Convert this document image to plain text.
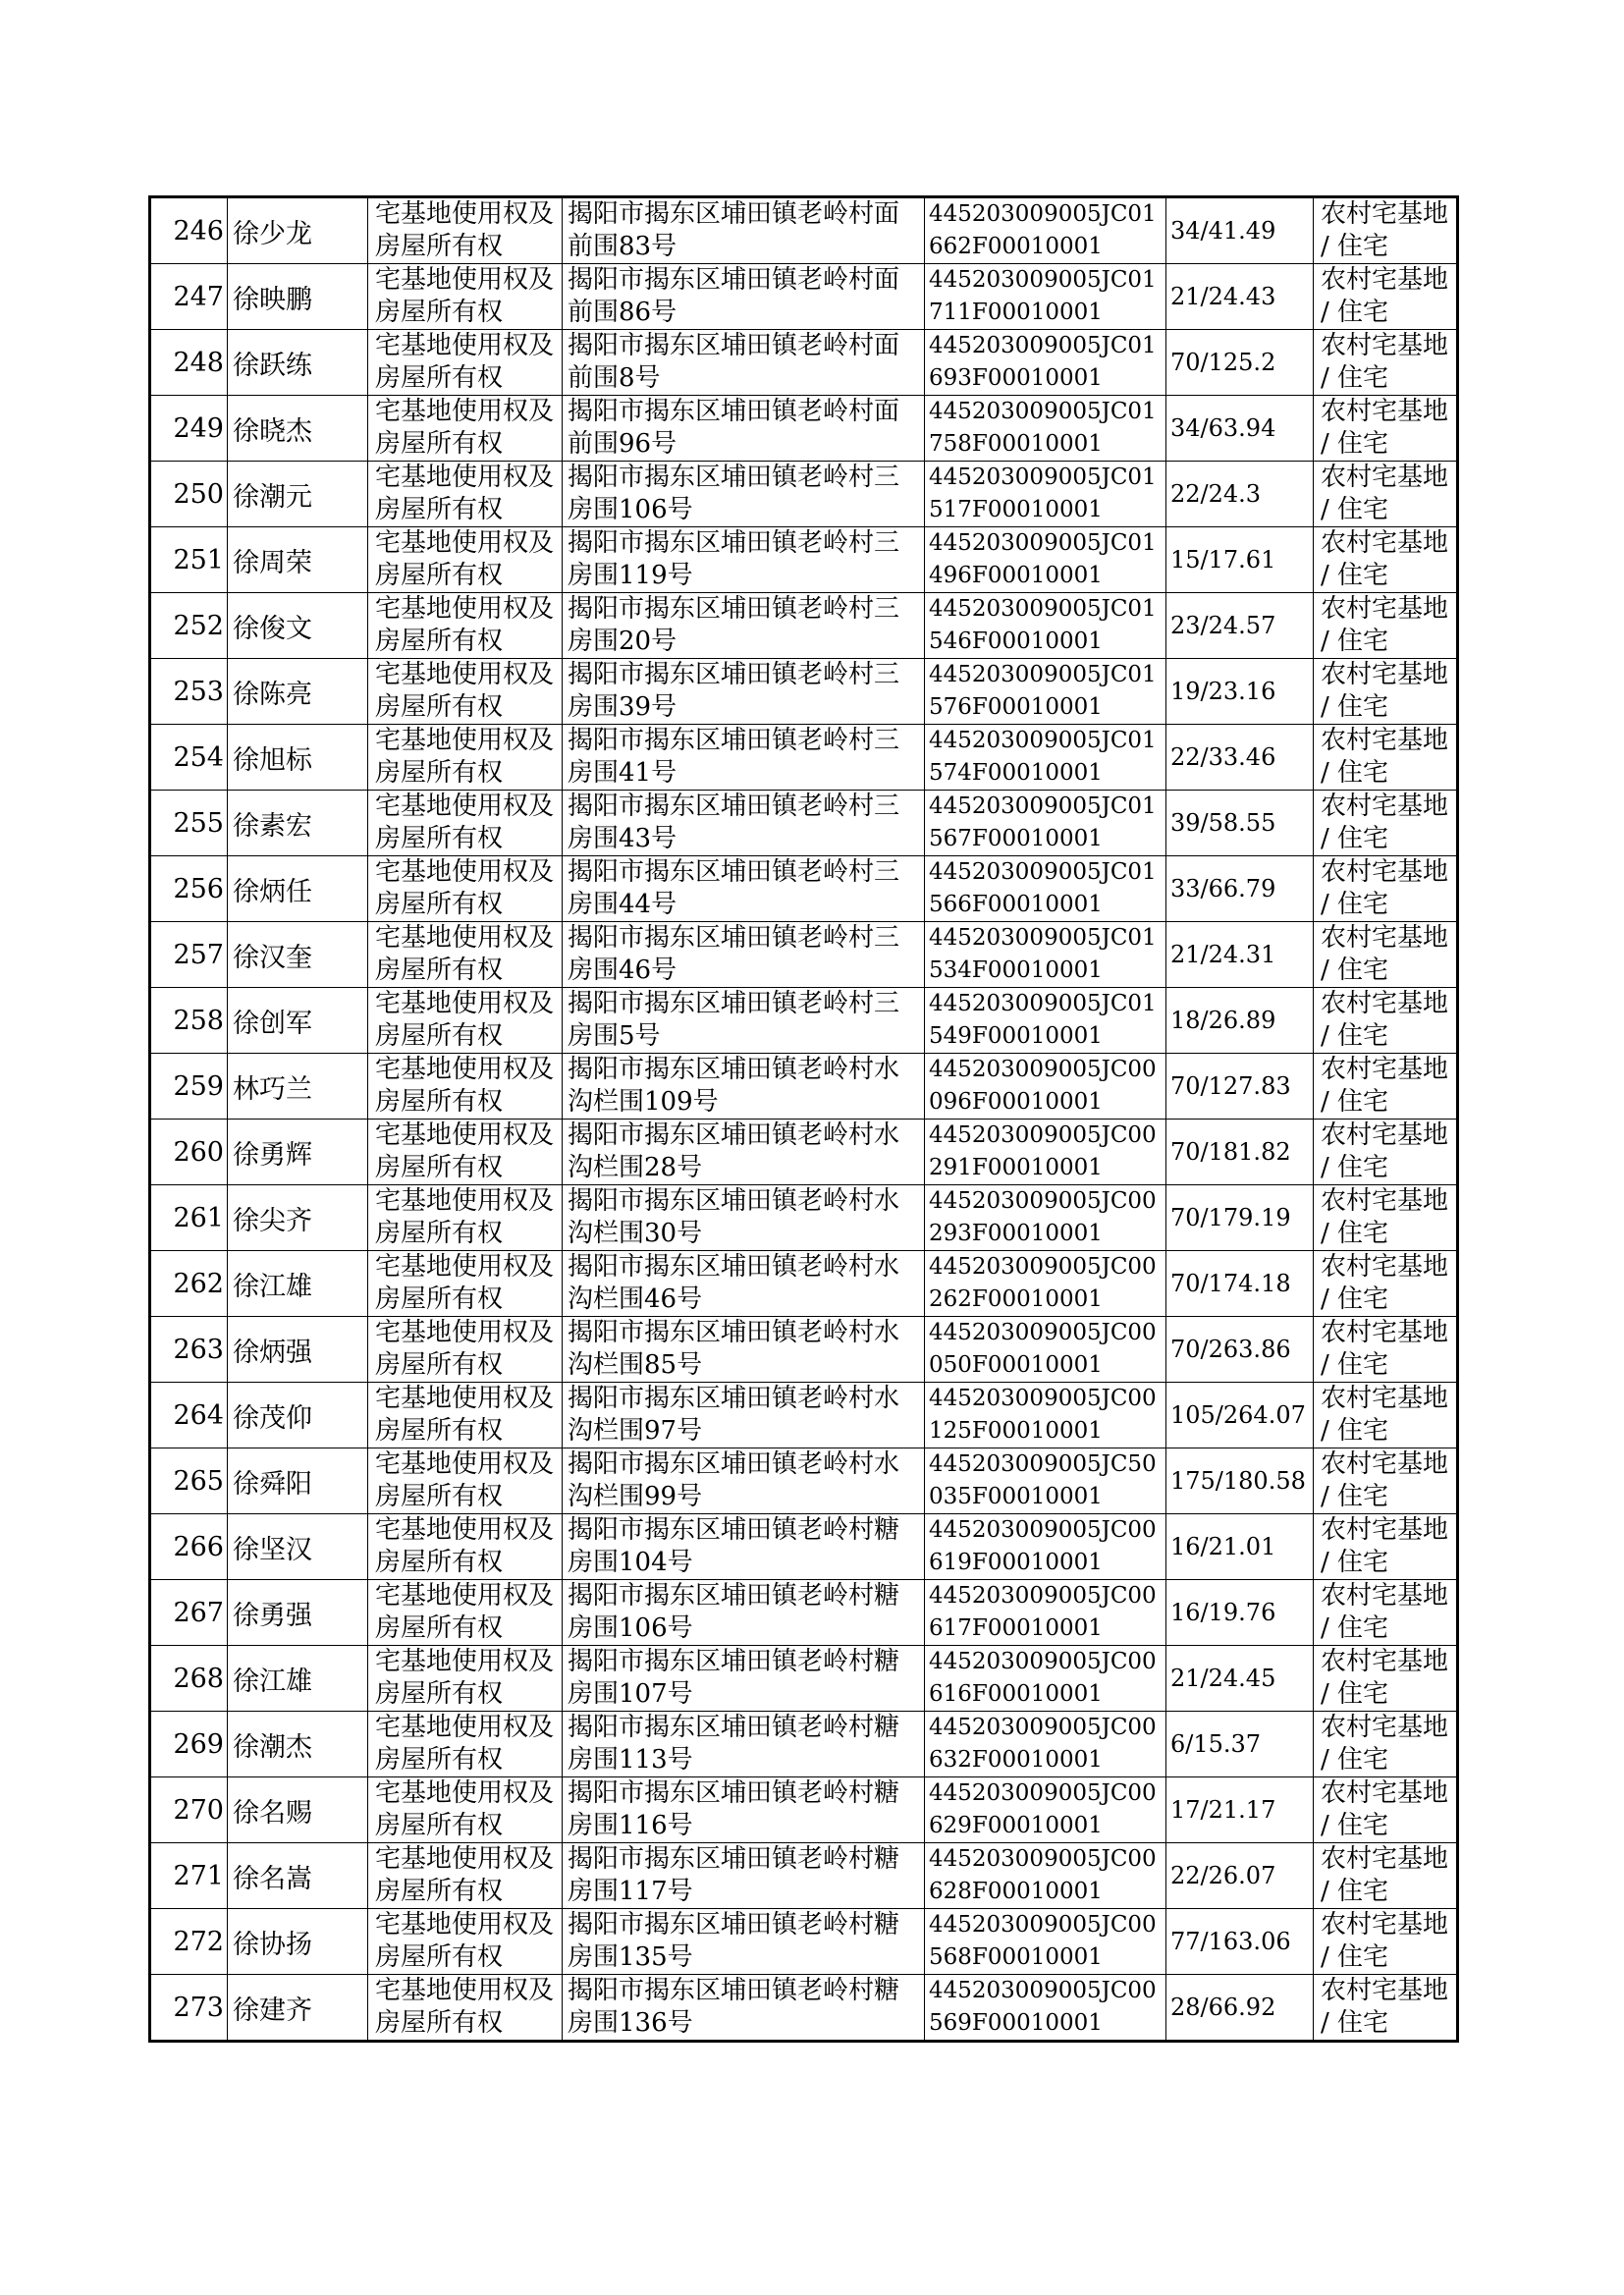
246	徐少龙	宅基地使用权及房屋所有权	揭阳市揭东区埔田镇老岭村面前围83号	445203009005JC01662F00010001	34/41.49	农村宅基地 / 住宅

247	徐映鹏	宅基地使用权及房屋所有权	揭阳市揭东区埔田镇老岭村面前围86号	445203009005JC01711F00010001	21/24.43	农村宅基地 / 住宅

248	徐跃练	宅基地使用权及房屋所有权	揭阳市揭东区埔田镇老岭村面前围8号	445203009005JC01693F00010001	70/125.2	农村宅基地 / 住宅

249	徐晓杰	宅基地使用权及房屋所有权	揭阳市揭东区埔田镇老岭村面前围96号	445203009005JC01758F00010001	34/63.94	农村宅基地 / 住宅

250	徐潮元	宅基地使用权及房屋所有权	揭阳市揭东区埔田镇老岭村三房围106号	445203009005JC01517F00010001	22/24.3	农村宅基地 / 住宅

251	徐周荣	宅基地使用权及房屋所有权	揭阳市揭东区埔田镇老岭村三房围119号	445203009005JC01496F00010001	15/17.61	农村宅基地 / 住宅

252	徐俊文	宅基地使用权及房屋所有权	揭阳市揭东区埔田镇老岭村三房围20号	445203009005JC01546F00010001	23/24.57	农村宅基地 / 住宅

253	徐陈亮	宅基地使用权及房屋所有权	揭阳市揭东区埔田镇老岭村三房围39号	445203009005JC01576F00010001	19/23.16	农村宅基地 / 住宅

254	徐旭标	宅基地使用权及房屋所有权	揭阳市揭东区埔田镇老岭村三房围41号	445203009005JC01574F00010001	22/33.46	农村宅基地 / 住宅

255	徐素宏	宅基地使用权及房屋所有权	揭阳市揭东区埔田镇老岭村三房围43号	445203009005JC01567F00010001	39/58.55	农村宅基地 / 住宅

256	徐炳任	宅基地使用权及房屋所有权	揭阳市揭东区埔田镇老岭村三房围44号	445203009005JC01566F00010001	33/66.79	农村宅基地 / 住宅

257	徐汉奎	宅基地使用权及房屋所有权	揭阳市揭东区埔田镇老岭村三房围46号	445203009005JC01534F00010001	21/24.31	农村宅基地 / 住宅

258	徐创军	宅基地使用权及房屋所有权	揭阳市揭东区埔田镇老岭村三房围5号	445203009005JC01549F00010001	18/26.89	农村宅基地 / 住宅

259	林巧兰	宅基地使用权及房屋所有权	揭阳市揭东区埔田镇老岭村水沟栏围109号	445203009005JC00096F00010001	70/127.83	农村宅基地 / 住宅

260	徐勇辉	宅基地使用权及房屋所有权	揭阳市揭东区埔田镇老岭村水沟栏围28号	445203009005JC00291F00010001	70/181.82	农村宅基地 / 住宅

261	徐尖齐	宅基地使用权及房屋所有权	揭阳市揭东区埔田镇老岭村水沟栏围30号	445203009005JC00293F00010001	70/179.19	农村宅基地 / 住宅

262	徐江雄	宅基地使用权及房屋所有权	揭阳市揭东区埔田镇老岭村水沟栏围46号	445203009005JC00262F00010001	70/174.18	农村宅基地 / 住宅

263	徐炳强	宅基地使用权及房屋所有权	揭阳市揭东区埔田镇老岭村水沟栏围85号	445203009005JC00050F00010001	70/263.86	农村宅基地 / 住宅

264	徐茂仰	宅基地使用权及房屋所有权	揭阳市揭东区埔田镇老岭村水沟栏围97号	445203009005JC00125F00010001	105/264.07	农村宅基地 / 住宅

265	徐舜阳	宅基地使用权及房屋所有权	揭阳市揭东区埔田镇老岭村水沟栏围99号	445203009005JC50035F00010001	175/180.58	农村宅基地 / 住宅

266	徐坚汉	宅基地使用权及房屋所有权	揭阳市揭东区埔田镇老岭村糖房围104号	445203009005JC00619F00010001	16/21.01	农村宅基地 / 住宅

267	徐勇强	宅基地使用权及房屋所有权	揭阳市揭东区埔田镇老岭村糖房围106号	445203009005JC00617F00010001	16/19.76	农村宅基地 / 住宅

268	徐江雄	宅基地使用权及房屋所有权	揭阳市揭东区埔田镇老岭村糖房围107号	445203009005JC00616F00010001	21/24.45	农村宅基地 / 住宅

269	徐潮杰	宅基地使用权及房屋所有权	揭阳市揭东区埔田镇老岭村糖房围113号	445203009005JC00632F00010001	6/15.37	农村宅基地 / 住宅

270	徐名赐	宅基地使用权及房屋所有权	揭阳市揭东区埔田镇老岭村糖房围116号	445203009005JC00629F00010001	17/21.17	农村宅基地 / 住宅

271	徐名嵩	宅基地使用权及房屋所有权	揭阳市揭东区埔田镇老岭村糖房围117号	445203009005JC00628F00010001	22/26.07	农村宅基地 / 住宅

272	徐协扬	宅基地使用权及房屋所有权	揭阳市揭东区埔田镇老岭村糖房围135号	445203009005JC00568F00010001	77/163.06	农村宅基地 / 住宅

273	徐建齐	宅基地使用权及房屋所有权	揭阳市揭东区埔田镇老岭村糖房围136号	445203009005JC00569F00010001	28/66.92	农村宅基地 / 住宅
